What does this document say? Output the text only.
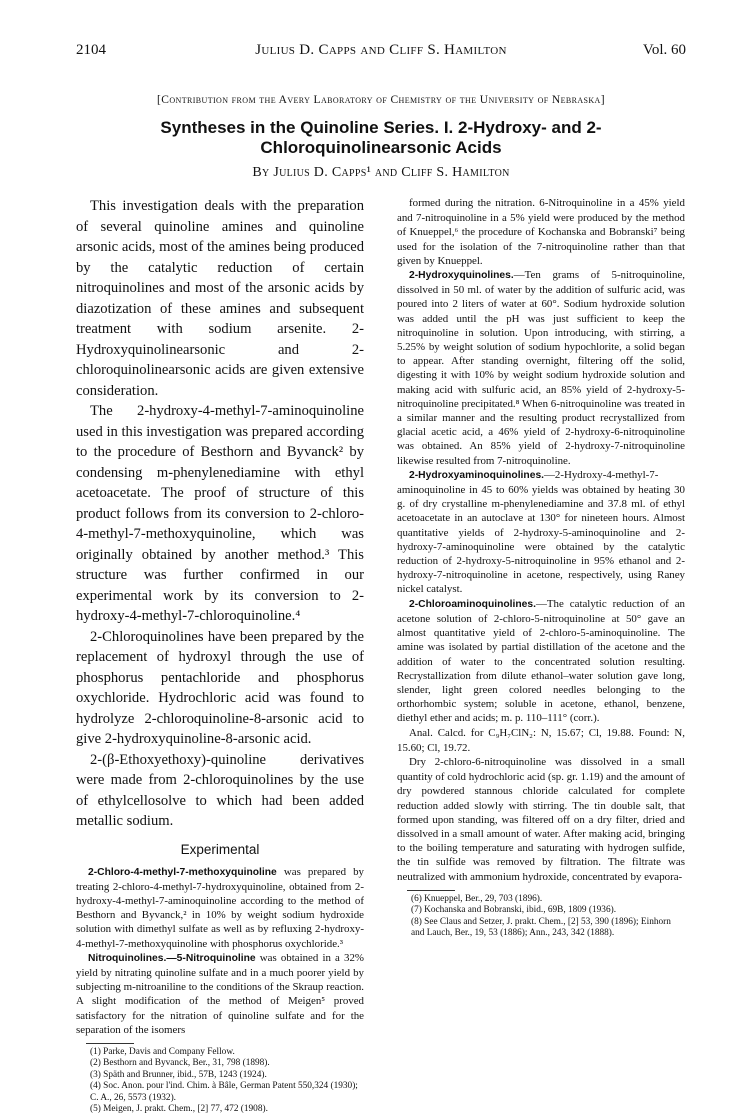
2104	Julius D. Capps and Cliff S. Hamilton	Vol. 60
[Contribution from the Avery Laboratory of Chemistry of the University of Nebraska]
Syntheses in the Quinoline Series. I. 2-Hydroxy- and 2-Chloroquinolinearsonic Acids
By Julius D. Capps¹ and Cliff S. Hamilton

This investigation deals with the preparation of several quinoline amines and quinoline arsonic acids, most of the amines being produced by the catalytic reduction of certain nitroquinolines and most of the arsonic acids by diazotization of these amines and subsequent treatment with sodium arsenite. 2-Hydroxyquinolinearsonic and 2-chloroquinolinearsonic acids are given extensive consideration.

The 2-hydroxy-4-methyl-7-aminoquinoline used in this investigation was prepared according to the procedure of Besthorn and Byvanck² by condensing m-phenylenediamine with ethyl acetoacetate. The proof of structure of this product follows from its conversion to 2-chloro-4-methyl-7-methoxyquinoline, which was originally obtained by another method.³ This structure was further confirmed in our experimental work by its conversion to 2-hydroxy-4-methyl-7-chloroquinoline.⁴

2-Chloroquinolines have been prepared by the replacement of hydroxyl through the use of phosphorus pentachloride and phosphorus oxychloride. Hydrochloric acid was found to hydrolyze 2-chloroquinoline-8-arsonic acid to give 2-hydroxyquinoline-8-arsonic acid.

2-(β-Ethoxyethoxy)-quinoline derivatives were made from 2-chloroquinolines by the use of ethylcellosolve to which had been added metallic sodium.

Experimental

2-Chloro-4-methyl-7-methoxyquinoline was prepared by treating 2-chloro-4-methyl-7-hydroxyquinoline, obtained from 2-hydroxy-4-methyl-7-aminoquinoline according to the method of Besthorn and Byvanck,² in 10% by weight sodium hydroxide solution with dimethyl sulfate as well as by refluxing 2-hydroxy-4-methyl-7-methoxyquinoline with phosphorus oxychloride.³

Nitroquinolines.—5-Nitroquinoline was obtained in a 32% yield by nitrating quinoline sulfate and in a much poorer yield by subjecting m-nitroaniline to the conditions of the Skraup reaction. A slight modification of the method of Meigen⁵ proved satisfactory for the nitration of quinoline sulfate and for the separation of the isomers

(1) Parke, Davis and Company Fellow.

(2) Besthorn and Byvanck, Ber., 31, 798 (1898).

(3) Späth and Brunner, ibid., 57B, 1243 (1924).

(4) Soc. Anon. pour l'ind. Chim. à Bâle, German Patent 550,324 (1930); C. A., 26, 5573 (1932).

(5) Meigen, J. prakt. Chem., [2] 77, 472 (1908).

formed during the nitration. 6-Nitroquinoline in a 45% yield and 7-nitroquinoline in a 5% yield were produced by the method of Knueppel,⁶ the procedure of Kochanska and Bobranski⁷ being used for the isolation of the 7-nitroquinoline rather than that given by Knueppel.

2-Hydroxyquinolines.—Ten grams of 5-nitroquinoline, dissolved in 50 ml. of water by the addition of sulfuric acid, was poured into 2 liters of water at 60°. Sodium hydroxide solution was added until the pH was just sufficient to keep the nitroquinoline in solution. Upon introducing, with stirring, a 5.25% by weight solution of sodium hypochlorite, a solid began to appear. After standing overnight, filtering off the solid, digesting it with 10% by weight sodium hydroxide solution and making acid with sulfuric acid, an 85% yield of 2-hydroxy-5-nitroquinoline precipitated.⁸ When 6-nitroquinoline was treated in a similar manner and the resulting product recrystallized from glacial acetic acid, a 46% yield of 2-hydroxy-6-nitroquinoline was obtained. An 85% yield of 2-hydroxy-7-nitroquinoline likewise resulted from 7-nitroquinoline.

2-Hydroxyaminoquinolines.—2-Hydroxy-4-methyl-7-aminoquinoline in 45 to 60% yields was obtained by heating 30 g. of dry crystalline m-phenylenediamine and 37.8 ml. of ethyl acetoacetate in an autoclave at 130° for nineteen hours. Almost quantitative yields of 2-hydroxy-5-aminoquinoline and 2-hydroxy-7-aminoquinoline were obtained by the catalytic reduction of 2-hydroxy-5-nitroquinoline in 95% ethanol and 2-hydroxy-7-nitroquinoline in acetone, respectively, using Raney nickel catalyst.

2-Chloroaminoquinolines.—The catalytic reduction of an acetone solution of 2-chloro-5-nitroquinoline at 50° gave an almost quantitative yield of 2-chloro-5-aminoquinoline. The amine was isolated by partial distillation of the acetone and the addition of water to the concentrated solution resulting. Recrystallization from dilute ethanol–water solution gave long, slender, light green colored needles belonging to the orthorhombic system; soluble in acetone, ethanol, benzene, diethyl ether and acids; m. p. 110–111° (corr.).

Anal. Calcd. for C₉H₇ClN₂: N, 15.67; Cl, 19.88. Found: N, 15.60; Cl, 19.72.

Dry 2-chloro-6-nitroquinoline was dissolved in a small quantity of cold hydrochloric acid (sp. gr. 1.19) and the amount of dry powdered stannous chloride calculated for complete reduction added slowly with stirring. The tin double salt, that formed upon standing, was filtered off on a dry filter, dried and dissolved in a small amount of water. After making acid, bringing to the boiling temperature and saturating with hydrogen sulfide, the tin sulfide was removed by filtration. The filtrate was neutralized with ammonium hydroxide, concentrated by evapora-

(6) Knueppel, Ber., 29, 703 (1896).

(7) Kochanska and Bobranski, ibid., 69B, 1809 (1936).

(8) See Claus and Setzer, J. prakt. Chem., [2] 53, 390 (1896); Einhorn and Lauch, Ber., 19, 53 (1886); Ann., 243, 342 (1888).
